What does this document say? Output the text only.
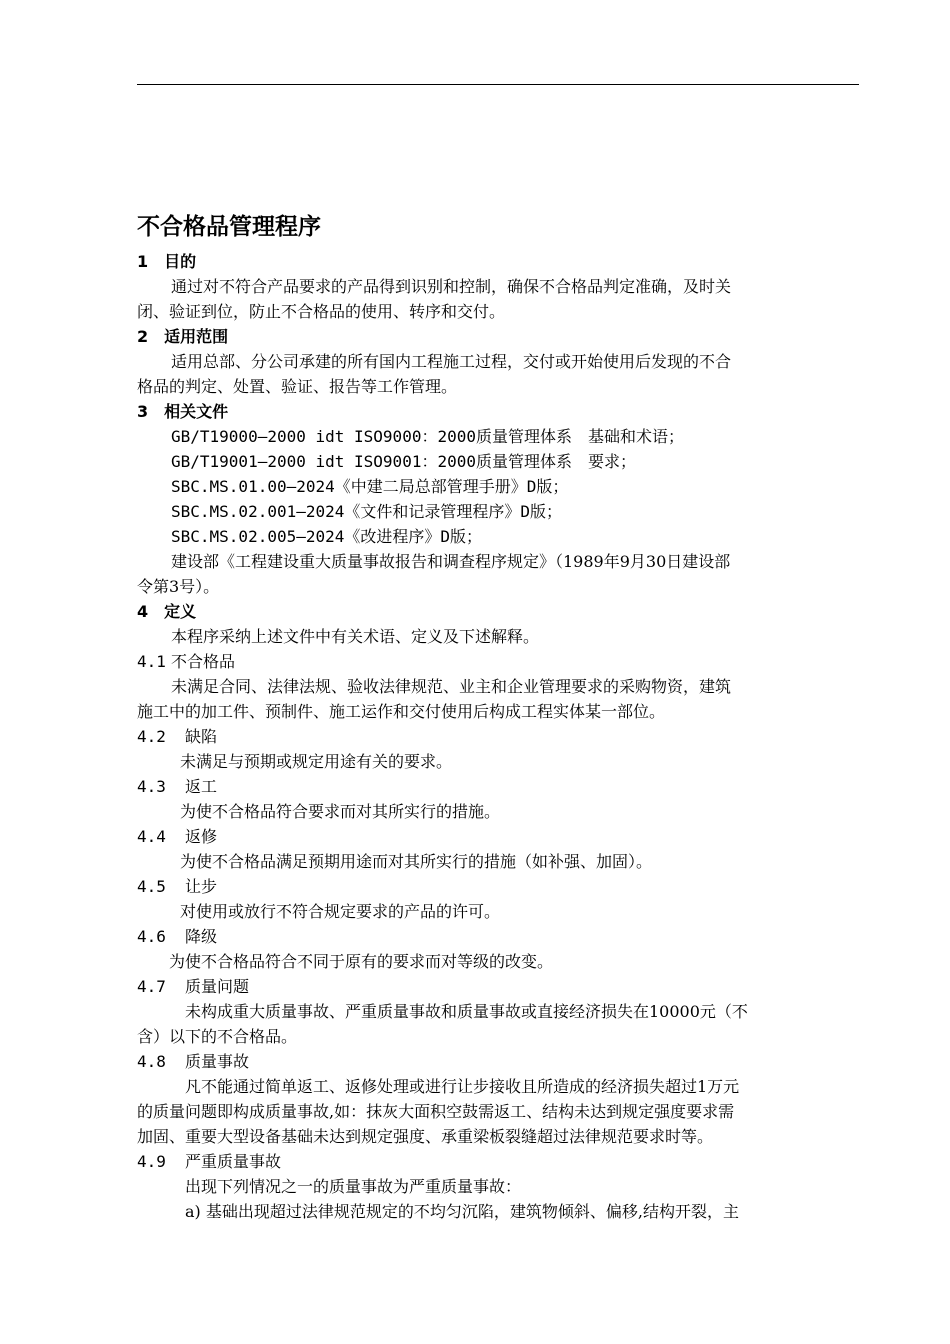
不合格品管理程序
1　目的
通过对不符合产品要求的产品得到识别和控制，确保不合格品判定准确，及时关
闭、验证到位，防止不合格品的使用、转序和交付。
2　适用范围
适用总部、分公司承建的所有国内工程施工过程，交付或开始使用后发现的不合
格品的判定、处置、验证、报告等工作管理。
3　相关文件
GB/T19000—2000 idt ISO9000：2000质量管理体系　基础和术语；
GB/T19001—2000 idt ISO9001：2000质量管理体系　要求；
SBC.MS.01.00—2024《中建二局总部管理手册》D版；
SBC.MS.02.001—2024《文件和记录管理程序》D版；
SBC.MS.02.005—2024《改进程序》D版；
建设部《工程建设重大质量事故报告和调查程序规定》（1989年9月30日建设部
令第3号）。
4　定义
本程序采纳上述文件中有关术语、定义及下述解释。
4.1 不合格品
未满足合同、法律法规、验收法律规范、业主和企业管理要求的采购物资，建筑
施工中的加工件、预制件、施工运作和交付使用后构成工程实体某一部位。
4.2 缺陷
未满足与预期或规定用途有关的要求。
4.3 返工
为使不合格品符合要求而对其所实行的措施。
4.4 返修
为使不合格品满足预期用途而对其所实行的措施（如补强、加固）。
4.5 让步
对使用或放行不符合规定要求的产品的许可。
4.6 降级
为使不合格品符合不同于原有的要求而对等级的改变。
4.7 质量问题
未构成重大质量事故、严重质量事故和质量事故或直接经济损失在10000元（不
含）以下的不合格品。
4.8 质量事故
凡不能通过简单返工、返修处理或进行让步接收且所造成的经济损失超过1万元
的质量问题即构成质量事故,如：抹灰大面积空鼓需返工、结构未达到规定强度要求需
加固、重要大型设备基础未达到规定强度、承重梁板裂缝超过法律规范要求时等。
4.9 严重质量事故
出现下列情况之一的质量事故为严重质量事故：
a) 基础出现超过法律规范规定的不均匀沉陷，建筑物倾斜、偏移,结构开裂，主
